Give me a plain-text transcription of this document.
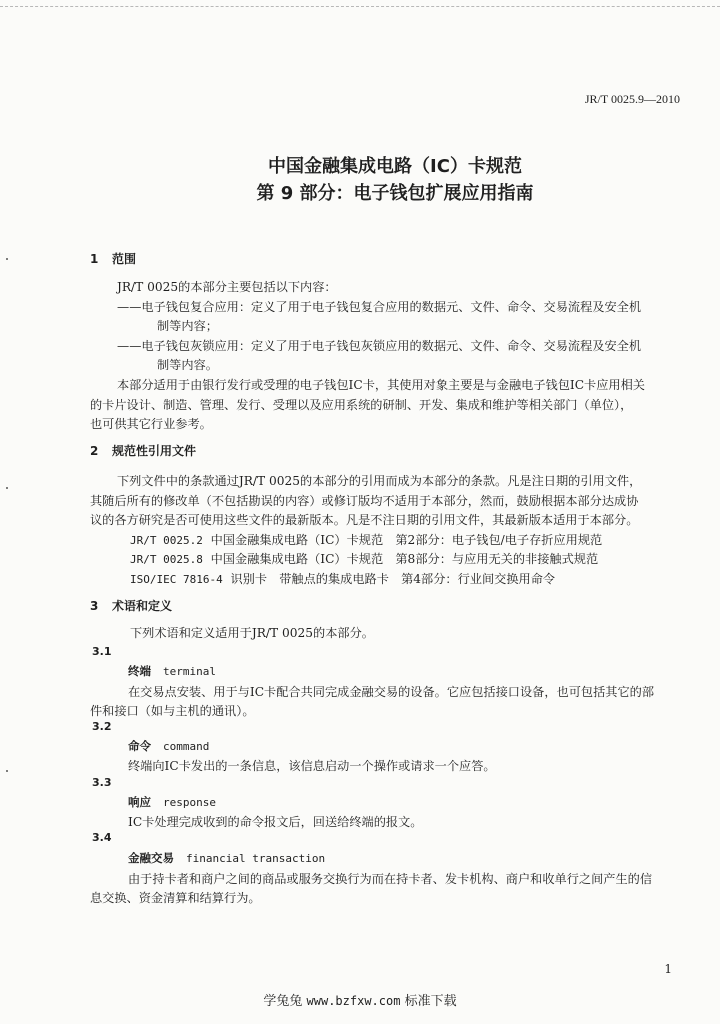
JR/T 0025.9—2010
中国金融集成电路（IC）卡规范
第 9 部分：电子钱包扩展应用指南
1 范围
JR/T 0025的本部分主要包括以下内容：
——电子钱包复合应用：定义了用于电子钱包复合应用的数据元、文件、命令、交易流程及安全机
制等内容；
——电子钱包灰锁应用：定义了用于电子钱包灰锁应用的数据元、文件、命令、交易流程及安全机
制等内容。
本部分适用于由银行发行或受理的电子钱包IC卡，其使用对象主要是与金融电子钱包IC卡应用相关
的卡片设计、制造、管理、发行、受理以及应用系统的研制、开发、集成和维护等相关部门（单位），
也可供其它行业参考。
2 规范性引用文件
下列文件中的条款通过JR/T 0025的本部分的引用而成为本部分的条款。凡是注日期的引用文件，
其随后所有的修改单（不包括勘误的内容）或修订版均不适用于本部分，然而，鼓励根据本部分达成协
议的各方研究是否可使用这些文件的最新版本。凡是不注日期的引用文件，其最新版本适用于本部分。
JR/T 0025.2 中国金融集成电路（IC）卡规范　第2部分：电子钱包/电子存折应用规范
JR/T 0025.8 中国金融集成电路（IC）卡规范　第8部分：与应用无关的非接触式规范
ISO/IEC 7816-4 识别卡　带触点的集成电路卡　第4部分：行业间交换用命令
3 术语和定义
下列术语和定义适用于JR/T 0025的本部分。
3.1
终端 terminal
在交易点安装、用于与IC卡配合共同完成金融交易的设备。它应包括接口设备，也可包括其它的部
件和接口（如与主机的通讯）。
3.2
命令 command
终端向IC卡发出的一条信息，该信息启动一个操作或请求一个应答。
3.3
响应 response
IC卡处理完成收到的命令报文后，回送给终端的报文。
3.4
金融交易 financial transaction
由于持卡者和商户之间的商品或服务交换行为而在持卡者、发卡机构、商户和收单行之间产生的信
息交换、资金清算和结算行为。
1
学兔兔 www.bzfxw.com 标准下载
